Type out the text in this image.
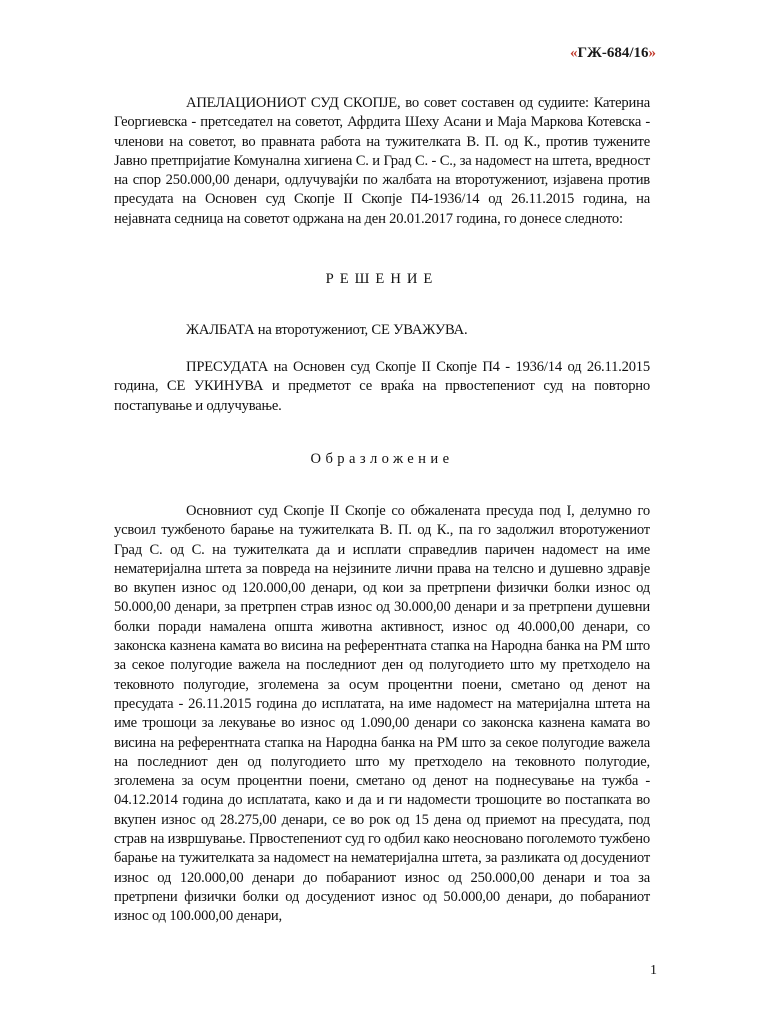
«ГЖ-684/16»
АПЕЛАЦИОНИОТ СУД СКОПЈЕ, во совет составен од судиите: Катерина Георгиевска - претседател на советот, Афрдита Шеху Асани и Маја Маркова Котевска - членови на советот, во правната работа на тужителката В. П. од К., против тужените Јавно претпријатие Комунална хигиена С. и Град С. - С., за надомест на штета, вредност на спор 250.000,00 денари, одлучувајќи по жалбата на второтужениот, изјавена против пресудата на Основен суд Скопје II Скопје П4-1936/14 од 26.11.2015 година, на нејавната седница на советот одржана на ден 20.01.2017 година, го донесе следното:
РЕШЕНИЕ
ЖАЛБАТА на второтужениот, СЕ УВАЖУВА.
ПРЕСУДАТА на Основен суд Скопје II Скопје П4 - 1936/14 од 26.11.2015 година, СЕ УКИНУВА и предметот се враќа на првостепениот суд на повторно постапување и одлучување.
Образложение
Основниот суд Скопје II Скопје со обжалената пресуда под I, делумно го усвоил тужбеното барање на тужителката В. П. од К., па го задолжил второтужениот Град С. од С. на тужителката да и исплати справедлив паричен надомест на име нематеријална штета за повреда на нејзините лични права на телсно и душевно здравје во вкупен износ од 120.000,00 денари, од кои за претрпени физички болки износ од 50.000,00 денари, за претрпен страв износ од 30.000,00 денари и за претрпени душевни болки поради намалена општа животна активност, износ од 40.000,00 денари, со законска казнена камата во висина на референтната стапка на Народна банка на РМ што за секое полугодие важела на последниот ден од полугодието што му претходело на тековното полугодие, зголемена за осум процентни поени, сметано од денот на пресудата - 26.11.2015 година до исплатата, на име надомест на материјална штета на име трошоци за лекување во износ од 1.090,00 денари со законска казнена камата во висина на референтната стапка на Народна банка на РМ што за секое полугодие важела на последниот ден од полугодието што му претходело на тековното полугодие, зголемена за осум процентни поени, сметано од денот на поднесување на тужба - 04.12.2014 година до исплатата, како и да и ги надомести трошоците во постапката во вкупен износ од 28.275,00 денари, се во рок од 15 дена од приемот на пресудата, под страв на извршување. Првостепениот суд го одбил како неосновано поголемото тужбено барање на тужителката за надомест на нематеријална штета, за разликата од досудениот износ од 120.000,00 денари до побараниот износ од 250.000,00 денари и тоа за претрпени физички болки од досудениот износ од 50.000,00 денари, до побараниот износ од 100.000,00 денари,
1
